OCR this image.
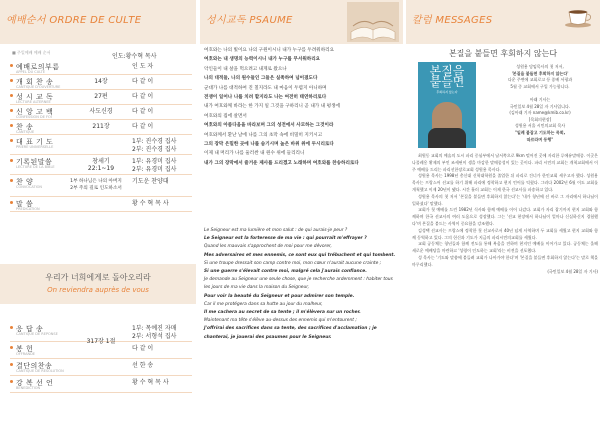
예배순서 ORDRE DE CULTE
■ 주일예배 예배 순서
인도:황수혁 목사
예배로의부름
APPEL DU CULTE
인 도 자
개 회 찬 송
CANTIQUE D'OUVERTURE
14장	다 같 이
성 시 교 독
LECTURE ALTERNEE
27편	다 같 이
신 앙 고 백
CONFESSION DE FOI
사도신경	다 같 이
찬 송
CANTIQUE
211장	다 같 이
대 표 기 도
PRIERE UNIVERSELLE
1부: 진수경 집사
2부: 진수경 집사
기록된말씀
LECTURE DE LA BIBLE
창세기
22:1~19
1부: 유경미 집사
2부: 유경미 집사
찬 양
CONVOCATION
1부 하나님은 나의 아버지
2부 주의 길로 인도하소서
기도운 찬양대
말 씀
PREDICATION
황 수 혁 목 사
우리가 너희에게로 돌아오리라
On reviendra auprès de vous
응 답 송
CANTIQUE DE REPONSE
1부: 목예진 자매
2부: 서형석 집사
317장 1절
봉 헌
OFFRANDE
다 같 이
결단의찬송
CANTIQUE DE RESOLUTION
선 한 송
강 복 선 언
BENEDICTION
황 수 혁 목 사
성시교독 PSAUME

여호와는 나의 빛이요 나의 구원이시니 내가 누구를 두려워하리요

여호와는 내 생명의 능력이시니 내가 누구를 무서워하리요

악인들이 내 살을 먹으려고 내게로 왔으나

나의 대적들, 나의 원수들인 그들은 실족하여 넘어졌도다

군대가 나를 대적하여 진 칠지라도 내 마음이 두렵지 아니하며

전쟁이 일어나 나를 치려 할지라도 나는 여전히 태연하리로다

내가 여호와께 바라는 한 가지 일 그것을 구하리니 곧 내가 내 평생에

여호와의 집에 살면서

여호와의 아름다움을 바라보며 그의 성전에서 사모하는 그것이라

여호와께서 환난 날에 나를 그의 초막 속에 비밀히 지키시고

그의 장막 은밀한 곳에 나를 숨기시며 높은 바위 위에 두시리로다

이제 내 머리가 나를 둘러싼 내 원수 위에 들리리니

내가 그의 장막에서 즐거운 제사를 드리겠고 노래하며 여호와를 찬송하리로다

Le Seigneur est ma lumière et mon salut : de qui aurais-je peur ?

Le Seigneur est la forteresse de ma vie : qui pourrait m'effrayer ?

Quand les mauvais s'approchent de moi pour me dévorer,

Mes adversaires et mes ennemis, ce sont eux qui trébuchent et qui tombent.

Si une troupe dressait son camp contre moi, mon cœur n'aurait aucune crainte ;

Si une guerre s'élevait contre moi, malgré cela j'aurais confiance.

Je demande au Seigneur une seule chose, que je recherche ardemment : habiter tous les jours de ma vie dans la maison du Seigneur,

Pour voir la beauté du Seigneur et pour admirer son temple.

Car il me protégera dans sa hutte au jour du malheur,

Il me cachera au secret de sa tente ; il m'élèvera sur un rocher.

Maintenant ma tête s'élève au-dessus des ennemis qui m'entourent ;

J'offrirai des sacrifices dans sa tente, des sacrifices d'acclamation ; je chanterai, je jouerai des psaumes pour le Seigneur.

칼럼 MESSAGES
본질을 붙들면 후회하지 않는다
본질을
붙들면
후회하지 않는다
성원용 담임목사의 첫 저서,
'본질을 붙들면 후회하지 않는다'
다운 주변에 교회로고 등 종배 서평과
5월 중 교회에서 구입 가능합니다.

아래 기사는
국민일보 4월 28일 자 기사입니다.
(김아래 기자 name@kmib.co.kr)
[목회의현장]
성원용 서울 시민의교회 목사
"일례 붙잡고 기도하는 목회,
따르라며 동행"

최원동 교회의 예술의 도시 파리 중심부에서 남서쪽으로 9km 떨어진 곳에 자리한 루에유말메종. 이곳은 나폴레옹 황제의 부인 조세핀이 생을 마감한 말메종성이 있는 곳이다. 파리 시민의 교회는 개척교회에서 이 주 예배를 드리는 파리선한장로교회 성원용 목사다.

성원용 목사는 1998년 총신대 신학대학원을 졸업한 뒤 파리로 건너가 한인교회 세우고자 했다. 성원용 목사는 프랑스어 선교를 하기 위해 파리에 정착하고 현지 언어를 익혔다. 그러다 2002년 6월 이도 교회를 개척했고 이제 20년이 됐다. 시간 흘러 교회는 이제 한국 선교사를 파송하고 있다.

성원용 목사의 첫 저서 '본질을 붙들면 후회하지 않는다'는 '내가 청년에 선 바로 그 자리에서 하나님이 일하셨다' 말했다.

교회가 첫 예배를 드린 1982년 식사와 함께 예배를 이어 나갔다. 교회가 자리 잡기까지 현지 교회와 함께하며 한국 선교사의 여러 도움으로 성장했다. 그는 '선교 현장에서 하나님이 얼마나 신실하신지 경험했다'며 본질을 붙드는 사역이 중요함을 강조했다.

김성택 선교사는 프랑스에 정착한 첫 선교사로서 40년 넘게 사역하며 두 교회를 세웠고 현지 교회와 함께 동역하고 있다. 그의 헌신과 기도가 지금의 파리시민의교회를 세웠다.

교회 공동체는 청년들과 함께 전도를 통해 복음을 전하며 현지인 예배를 이어가고 있다. 공동체는 올해 새로운 예배당을 마련하고 '성령이 인도하는 교회'라는 비전을 선포했다.

성 목사는 '기도와 말씀에 붙들려 교회가 나아가야 한다'며 '본질을 붙들면 후회하지 않는다'는 말로 책을 마무리했다.

(국민일보 4월 28일 자 기사)
